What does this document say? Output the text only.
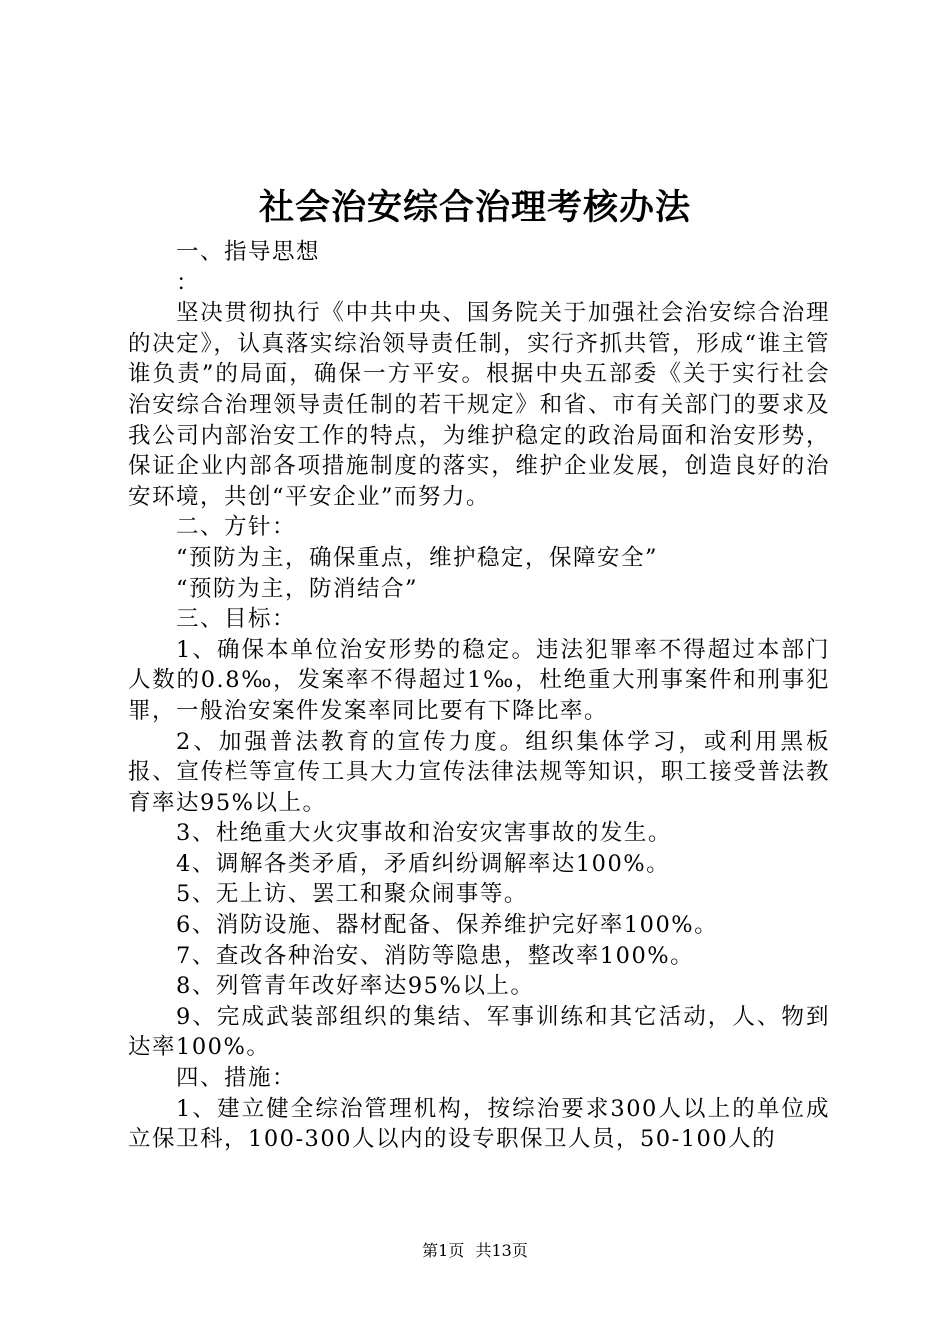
社会治安综合治理考核办法

一、指导思想

：

坚决贯彻执行《中共中央、国务院关于加强社会治安综合治理的决定》，认真落实综治领导责任制，实行齐抓共管，形成“谁主管谁负责”的局面，确保一方平安。根据中央五部委《关于实行社会治安综合治理领导责任制的若干规定》和省、市有关部门的要求及我公司内部治安工作的特点，为维护稳定的政治局面和治安形势，保证企业内部各项措施制度的落实，维护企业发展，创造良好的治安环境，共创“平安企业”而努力。

二、方针：

“预防为主，确保重点，维护稳定，保障安全”

“预防为主，防消结合”

三、目标：

1、确保本单位治安形势的稳定。违法犯罪率不得超过本部门人数的0.8‰，发案率不得超过1‰，杜绝重大刑事案件和刑事犯罪，一般治安案件发案率同比要有下降比率。

2、加强普法教育的宣传力度。组织集体学习，或利用黑板报、宣传栏等宣传工具大力宣传法律法规等知识，职工接受普法教育率达95%以上。

3、杜绝重大火灾事故和治安灾害事故的发生。

4、调解各类矛盾，矛盾纠纷调解率达100%。

5、无上访、罢工和聚众闹事等。

6、消防设施、器材配备、保养维护完好率100%。

7、查改各种治安、消防等隐患，整改率100%。

8、列管青年改好率达95%以上。

9、完成武装部组织的集结、军事训练和其它活动，人、物到达率100%。

四、措施：

1、建立健全综治管理机构，按综治要求300人以上的单位成立保卫科，100-300人以内的设专职保卫人员，50-100人的

第1页 共13页
